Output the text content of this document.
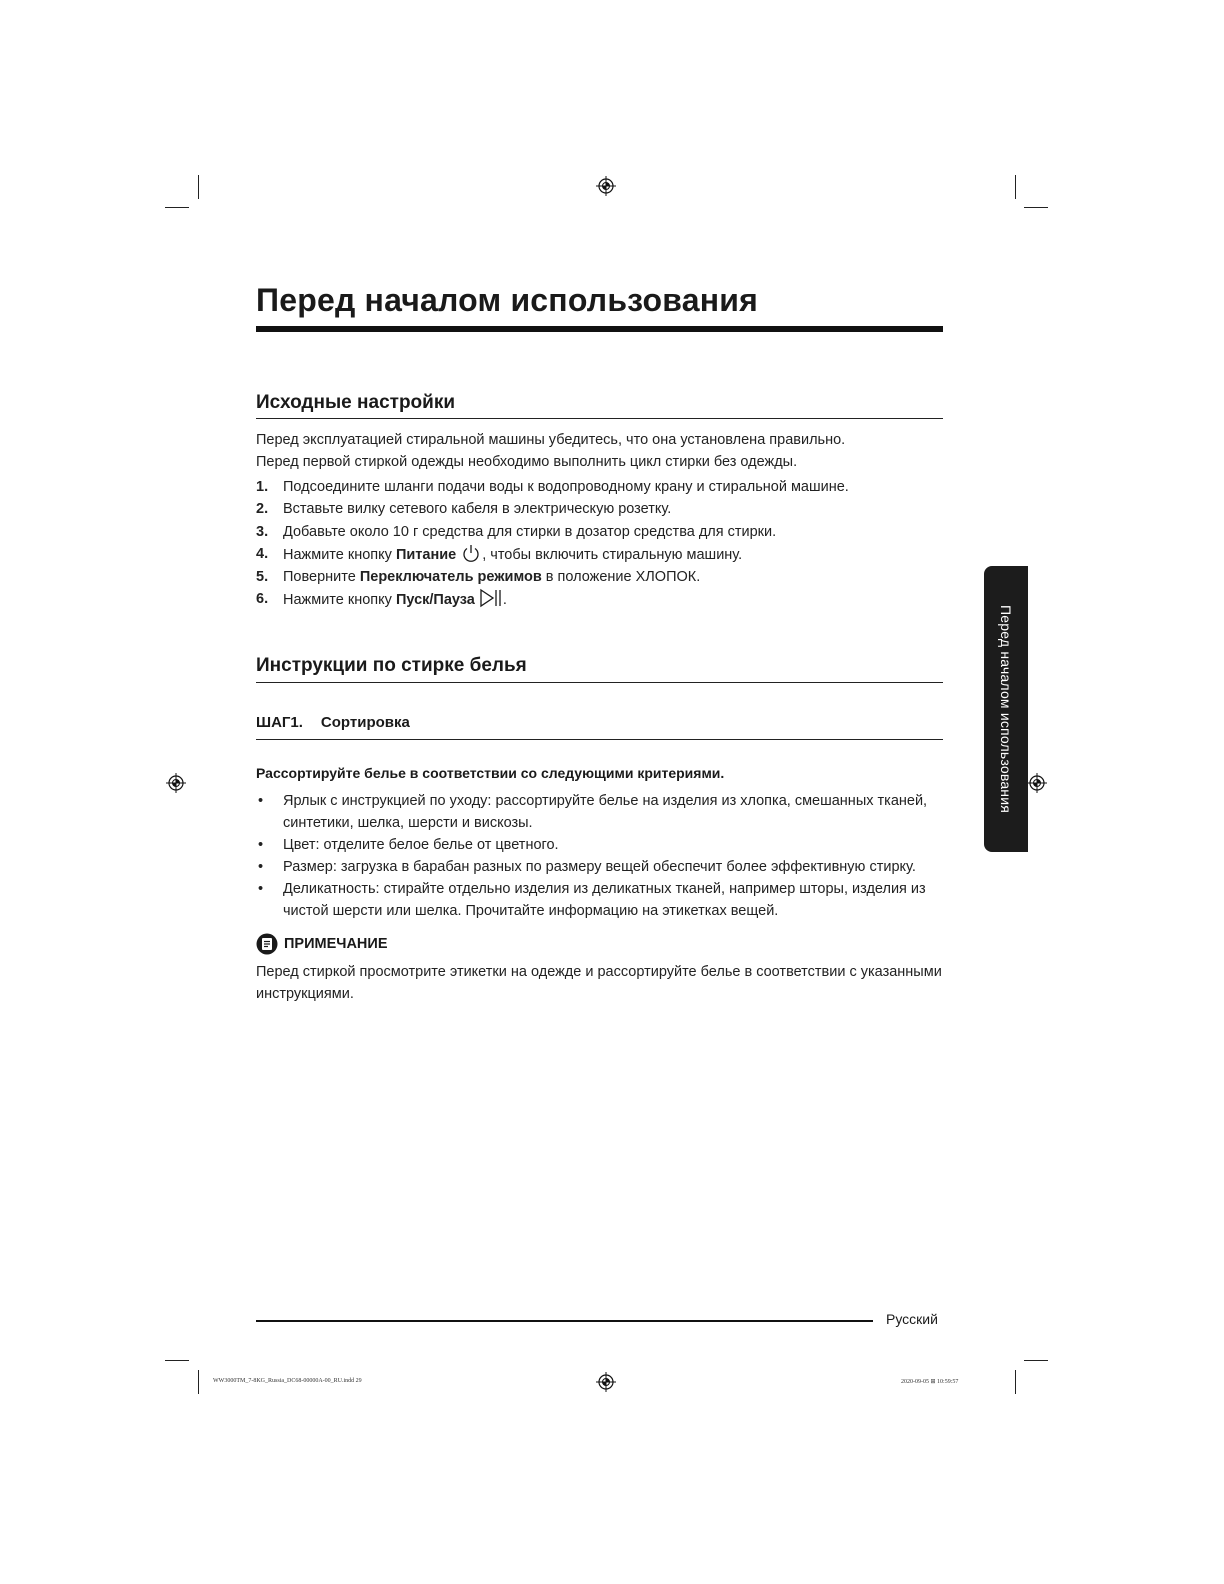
Перед началом использования
Исходные настройки
Перед эксплуатацией стиральной машины убедитесь, что она установлена правильно.
Перед первой стиркой одежды необходимо выполнить цикл стирки без одежды.
1. Подсоедините шланги подачи воды к водопроводному крану и стиральной машине.
2. Вставьте вилку сетевого кабеля в электрическую розетку.
3. Добавьте около 10 г средства для стирки в дозатор средства для стирки.
4. Нажмите кнопку Питание , чтобы включить стиральную машину.
5. Поверните Переключатель режимов в положение ХЛОПОК.
6. Нажмите кнопку Пуск/Пауза .
Инструкции по стирке белья
ШАГ1. Сортировка
Рассортируйте белье в соответствии со следующими критериями.
• Ярлык с инструкцией по уходу: рассортируйте белье на изделия из хлопка, смешанных тканей, синтетики, шелка, шерсти и вискозы.
• Цвет: отделите белое белье от цветного.
• Размер: загрузка в барабан разных по размеру вещей обеспечит более эффективную стирку.
• Деликатность: стирайте отдельно изделия из деликатных тканей, например шторы, изделия из чистой шерсти или шелка. Прочитайте информацию на этикетках вещей.
ПРИМЕЧАНИЕ
Перед стиркой просмотрите этикетки на одежде и рассортируйте белье в соответствии с указанными инструкциями.
Перед началом использования
Русский
WW3000TM_7-8KG_Russia_DC68-00000A-00_RU.indd 29	2020-09-05 ⊞ 10:59:57
